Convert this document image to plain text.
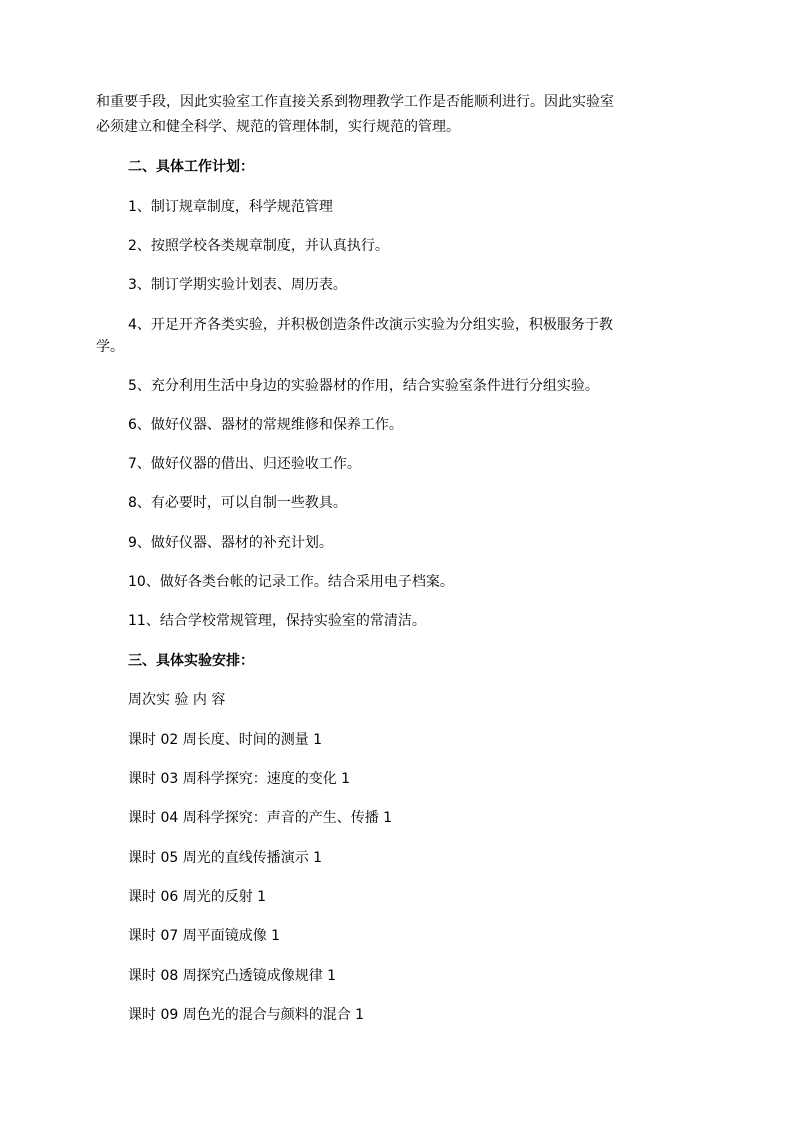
和重要手段，因此实验室工作直接关系到物理教学工作是否能顺利进行。因此实验室
必须建立和健全科学、规范的管理体制，实行规范的管理。
二、具体工作计划：
1、制订规章制度，科学规范管理
2、按照学校各类规章制度，并认真执行。
3、制订学期实验计划表、周历表。
4、开足开齐各类实验，并积极创造条件改演示实验为分组实验，积极服务于教
学。
5、充分利用生活中身边的实验器材的作用，结合实验室条件进行分组实验。
6、做好仪器、器材的常规维修和保养工作。
7、做好仪器的借出、归还验收工作。
8、有必要时，可以自制一些教具。
9、做好仪器、器材的补充计划。
10、做好各类台帐的记录工作。结合采用电子档案。
11、结合学校常规管理，保持实验室的常清洁。
三、具体实验安排：
周次实 验 内 容
课时 02 周长度、时间的测量 1
课时 03 周科学探究：速度的变化 1
课时 04 周科学探究：声音的产生、传播 1
课时 05 周光的直线传播演示 1
课时 06 周光的反射 1
课时 07 周平面镜成像 1
课时 08 周探究凸透镜成像规律 1
课时 09 周色光的混合与颜料的混合 1
